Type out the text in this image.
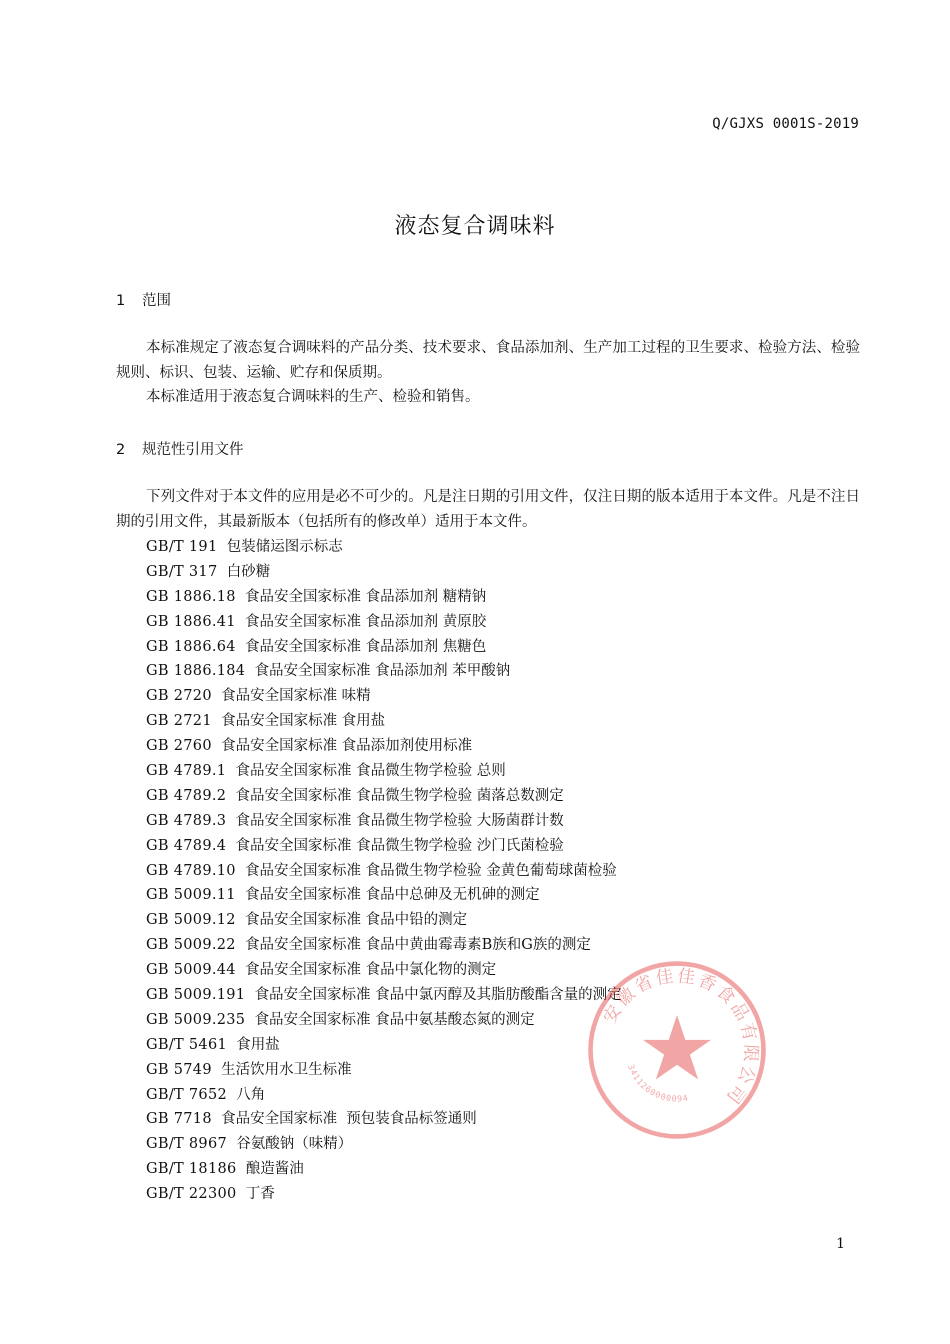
Q/GJXS 0001S-2019
液态复合调味料
1 范围
本标准规定了液态复合调味料的产品分类、技术要求、食品添加剂、生产加工过程的卫生要求、检验方法、检验规则、标识、包装、运输、贮存和保质期。
本标准适用于液态复合调味料的生产、检验和销售。
2 规范性引用文件
下列文件对于本文件的应用是必不可少的。凡是注日期的引用文件，仅注日期的版本适用于本文件。凡是不注日期的引用文件，其最新版本（包括所有的修改单）适用于本文件。
GB/T 191 包装储运图示标志
GB/T 317 白砂糖
GB 1886.18 食品安全国家标准 食品添加剂 糖精钠
GB 1886.41 食品安全国家标准 食品添加剂 黄原胶
GB 1886.64 食品安全国家标准 食品添加剂 焦糖色
GB 1886.184 食品安全国家标准 食品添加剂 苯甲酸钠
GB 2720 食品安全国家标准 味精
GB 2721 食品安全国家标准 食用盐
GB 2760 食品安全国家标准 食品添加剂使用标准
GB 4789.1 食品安全国家标准 食品微生物学检验 总则
GB 4789.2 食品安全国家标准 食品微生物学检验 菌落总数测定
GB 4789.3 食品安全国家标准 食品微生物学检验 大肠菌群计数
GB 4789.4 食品安全国家标准 食品微生物学检验 沙门氏菌检验
GB 4789.10 食品安全国家标准 食品微生物学检验 金黄色葡萄球菌检验
GB 5009.11 食品安全国家标准 食品中总砷及无机砷的测定
GB 5009.12 食品安全国家标准 食品中铅的测定
GB 5009.22 食品安全国家标准 食品中黄曲霉毒素B族和G族的测定
GB 5009.44 食品安全国家标准 食品中氯化物的测定
GB 5009.191 食品安全国家标准 食品中氯丙醇及其脂肪酸酯含量的测定
GB 5009.235 食品安全国家标准 食品中氨基酸态氮的测定
GB/T 5461 食用盐
GB 5749 生活饮用水卫生标准
GB/T 7652 八角
GB 7718 食品安全国家标准  预包装食品标签通则
GB/T 8967 谷氨酸钠（味精）
GB/T 18186 酿造酱油
GB/T 22300 丁香
安徽省佳佳香食品有限公司
3411260000094
1
